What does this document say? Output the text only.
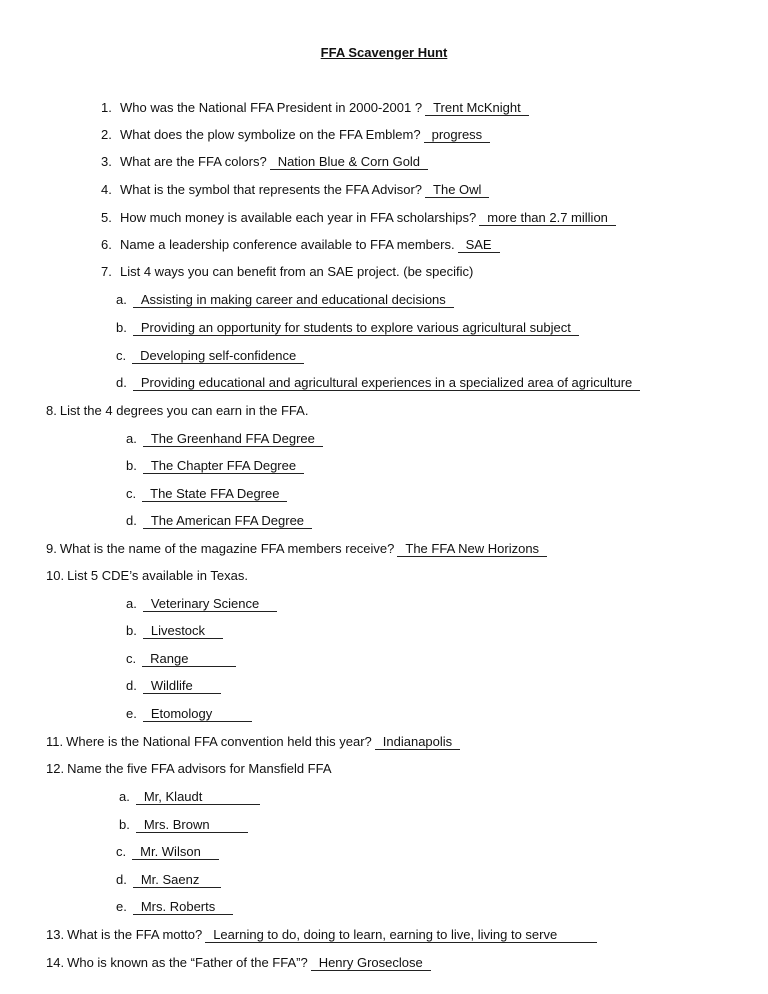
FFA Scavenger Hunt
1. Who was the National FFA President in 2000-2001 ? Trent McKnight
2. What does the plow symbolize on the FFA Emblem? progress
3. What are the FFA colors? Nation Blue & Corn Gold
4. What is the symbol that represents the FFA Advisor? The Owl
5. How much money is available each year in FFA scholarships? more than 2.7 million
6. Name a leadership conference available to FFA members. SAE
7. List 4 ways you can benefit from an SAE project. (be specific)
a. Assisting in making career and educational decisions
b. Providing an opportunity for students to explore various agricultural subject
c. Developing self-confidence
d. Providing educational and agricultural experiences in a specialized area of agriculture
8. List the 4 degrees you can earn in the FFA.
a. The Greenhand FFA Degree
b. The Chapter FFA Degree
c. The State FFA Degree
d. The American FFA Degree
9. What is the name of the magazine FFA members receive? The FFA New Horizons
10. List 5 CDE’s available in Texas.
a. Veterinary Science
b. Livestock
c. Range
d. Wildlife
e. Etomology
11. Where is the National FFA convention held this year? Indianapolis
12. Name the five FFA advisors for Mansfield FFA
a. Mr, Klaudt
b. Mrs. Brown
c. Mr. Wilson
d. Mr. Saenz
e. Mrs. Roberts
13. What is the FFA motto? Learning to do, doing to learn, earning to live, living to serve
14. Who is known as the “Father of the FFA”? Henry Groseclose
